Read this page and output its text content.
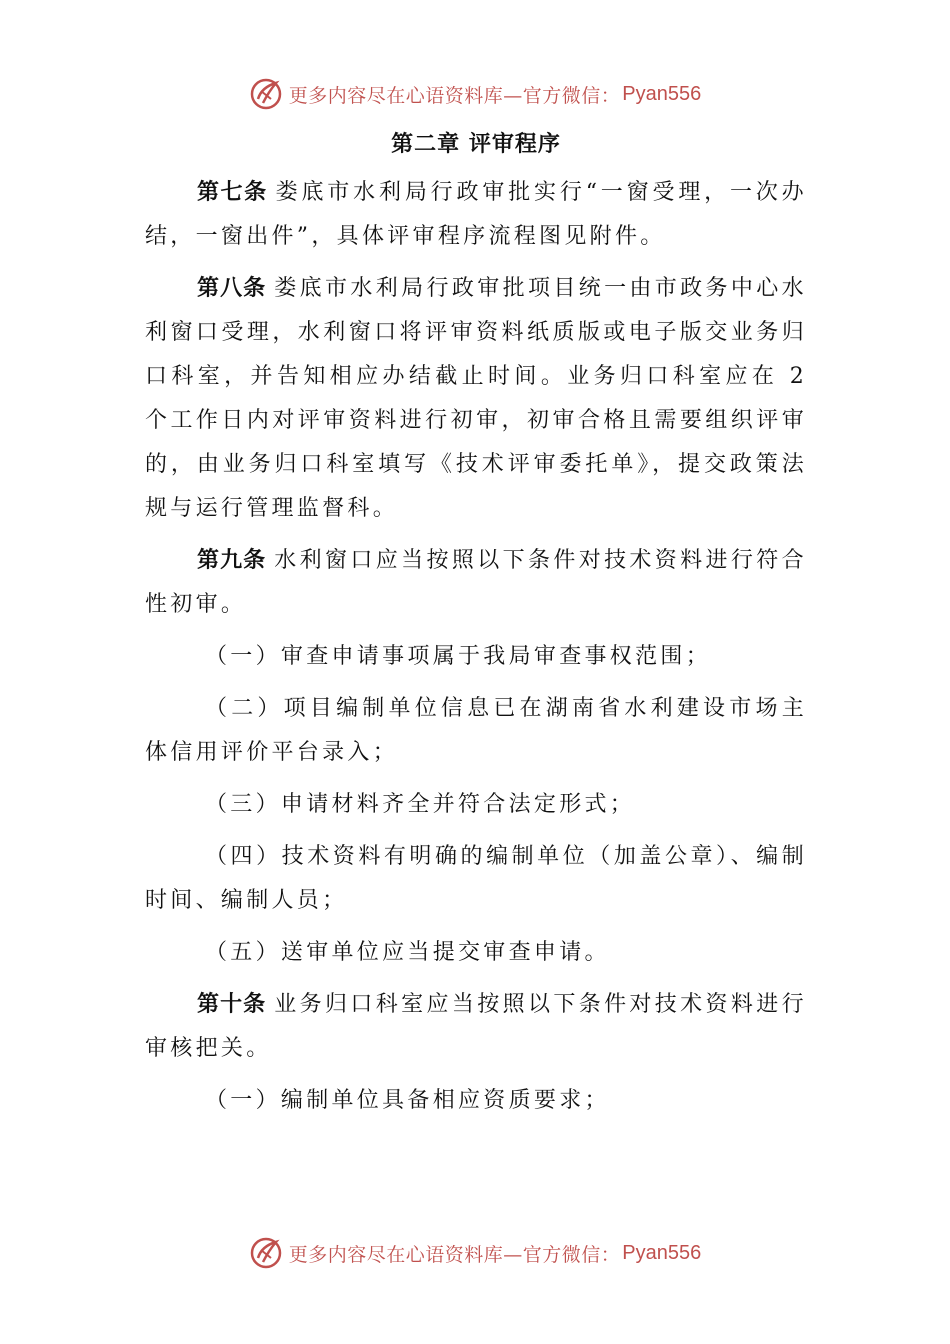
更多内容尽在心语资料库—官方微信： Pyan556
第二章 评审程序

第七条 娄底市水利局行政审批实行“一窗受理，一次办结，一窗出件”，具体评审程序流程图见附件。

第八条 娄底市水利局行政审批项目统一由市政务中心水利窗口受理，水利窗口将评审资料纸质版或电子版交业务归口科室，并告知相应办结截止时间。业务归口科室应在 2 个工作日内对评审资料进行初审，初审合格且需要组织评审的，由业务归口科室填写《技术评审委托单》，提交政策法规与运行管理监督科。

第九条 水利窗口应当按照以下条件对技术资料进行符合性初审。

（一）审查申请事项属于我局审查事权范围；

（二）项目编制单位信息已在湖南省水利建设市场主体信用评价平台录入；

（三）申请材料齐全并符合法定形式；

（四）技术资料有明确的编制单位（加盖公章）、编制时间、编制人员；

（五）送审单位应当提交审查申请。

第十条 业务归口科室应当按照以下条件对技术资料进行审核把关。

（一）编制单位具备相应资质要求；

更多内容尽在心语资料库—官方微信： Pyan556
